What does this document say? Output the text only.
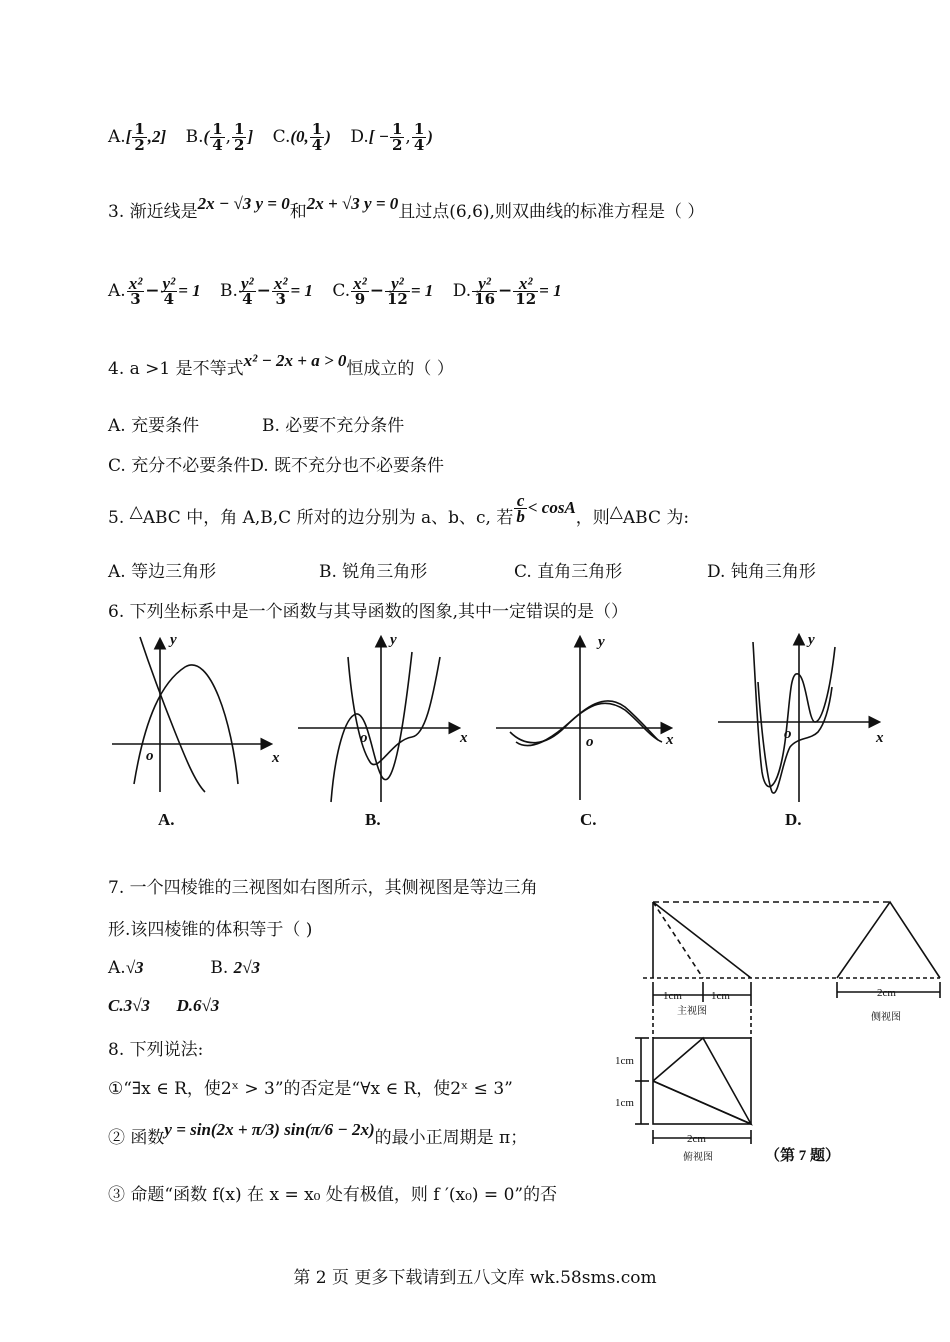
$A.[ \frac{1}{2} ,2]$ $B.( \frac{1}{4}$ , $\frac{1}{2}$ ] C.(0, $\frac{1}{4}$ ) $D.[ - \frac{1}{2}$ , $\frac{1}{4}$ )
3. 渐近线是2x − √3 y = 0和2x + √3 y = 0且过点(6,6),则双曲线的标准方程是（ ）
A. $\frac{\text{x²}}{3} - \frac{\text{y²}}{4} = 1$ B. $\frac{\text{y²}}{4} - \frac{\text{x²}}{3} = 1$ C. $\frac{\text{x²}}{9} - \frac{\text{y²}}{12} = 1$ D. $\frac{\text{y²}}{16} - \frac{\text{x²}}{12} = 1$
4. a >1 是不等式x² − 2x + a > 0恒成立的（ ）
A. 充要条件	B. 必要不充分条件
C. 充分不必要条件D. 既不充分也不必要条件
5. △ABC 中，角 A,B,C 所对的边分别为 a、b、c, 若 $\frac{c}{b} < \cos A$，则△ABC 为:
A. 等边三角形	B. 锐角三角形	C. 直角三角形	D. 钝角三角形
6. 下列坐标系中是一个函数与其导函数的图象,其中一定错误的是（）
y
x
o
y
x
o
y
x
o
y
x
o
A.	B.	C.	D.
7. 一个四棱锥的三视图如右图所示，其侧视图是等边三角
形.该四棱锥的体积等于（ )
A.√3	B. 2√3
C.3√3 D.6√3	1cm	1cm
主视图
2cm
侧视图
1cm
1cm
2cm
俯视图	（第 7 题）
8. 下列说法:
①“∃x ∈ R，使2ˣ > 3”的否定是“∀x ∈ R，使2ˣ ≤ 3”
② 函数y = sin(2x + π/3) sin(π/6 − 2x)的最小正周期是 π；
③ 命题“函数 f(x) 在 x = x₀ 处有极值，则 f ′(x₀) = 0”的否
第 2 页 更多下载请到五八文库 wk.58sms.com
